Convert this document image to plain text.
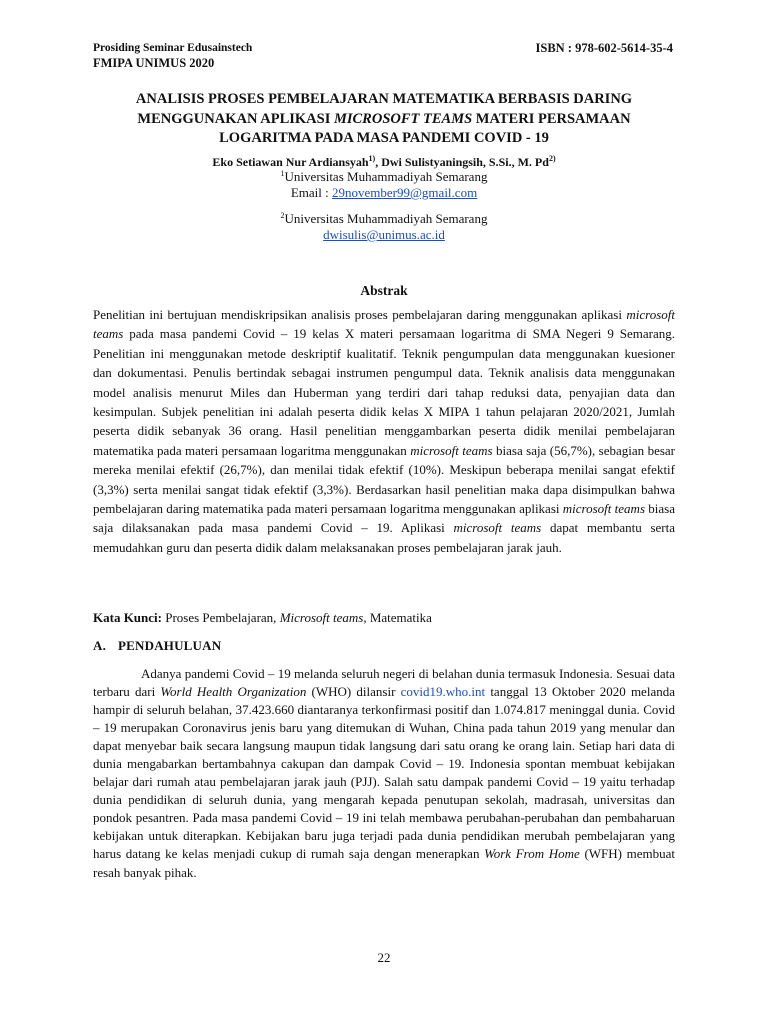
Prosiding Seminar Edusainstech
FMIPA UNIMUS 2020
ISBN : 978-602-5614-35-4
ANALISIS PROSES PEMBELAJARAN MATEMATIKA BERBASIS DARING MENGGUNAKAN APLIKASI MICROSOFT TEAMS MATERI PERSAMAAN LOGARITMA PADA MASA PANDEMI COVID - 19
Eko Setiawan Nur Ardiansyah$^{1)}$, Dwi Sulistyaningsih, S.Si., M. Pd$^{2)}$
$^1$Universitas Muhammadiyah Semarang
Email : 29november99@gmail.com
$^2$Universitas Muhammadiyah Semarang
dwisulis@unimus.ac.id
Abstrak

Penelitian ini bertujuan mendiskripsikan analisis proses pembelajaran daring menggunakan aplikasi microsoft teams pada masa pandemi Covid – 19 kelas X materi persamaan logaritma di SMA Negeri 9 Semarang. Penelitian ini menggunakan metode deskriptif kualitatif. Teknik pengumpulan data menggunakan kuesioner dan dokumentasi. Penulis bertindak sebagai instrumen pengumpul data. Teknik analisis data menggunakan model analisis menurut Miles dan Huberman yang terdiri dari tahap reduksi data, penyajian data dan kesimpulan. Subjek penelitian ini adalah peserta didik kelas X MIPA 1 tahun pelajaran 2020/2021, Jumlah peserta didik sebanyak 36 orang. Hasil penelitian menggambarkan peserta didik menilai pembelajaran matematika pada materi persamaan logaritma menggunakan microsoft teams biasa saja (56,7%), sebagian besar mereka menilai efektif (26,7%), dan menilai tidak efektif (10%). Meskipun beberapa menilai sangat efektif (3,3%) serta menilai sangat tidak efektif (3,3%). Berdasarkan hasil penelitian maka dapa disimpulkan bahwa pembelajaran daring matematika pada materi persamaan logaritma menggunakan aplikasi microsoft teams biasa saja dilaksanakan pada masa pandemi Covid – 19. Aplikasi microsoft teams dapat membantu serta memudahkan guru dan peserta didik dalam melaksanakan proses pembelajaran jarak jauh.

Kata Kunci: Proses Pembelajaran, Microsoft teams, Matematika
A. PENDAHULUAN

Adanya pandemi Covid – 19 melanda seluruh negeri di belahan dunia termasuk Indonesia. Sesuai data terbaru dari World Health Organization (WHO) dilansir covid19.who.int tanggal 13 Oktober 2020 melanda hampir di seluruh belahan, 37.423.660 diantaranya terkonfirmasi positif dan 1.074.817 meninggal dunia. Covid – 19 merupakan Coronavirus jenis baru yang ditemukan di Wuhan, China pada tahun 2019 yang menular dan dapat menyebar baik secara langsung maupun tidak langsung dari satu orang ke orang lain. Setiap hari data di dunia mengabarkan bertambahnya cakupan dan dampak Covid – 19. Indonesia spontan membuat kebijakan belajar dari rumah atau pembelajaran jarak jauh (PJJ). Salah satu dampak pandemi Covid – 19 yaitu terhadap dunia pendidikan di seluruh dunia, yang mengarah kepada penutupan sekolah, madrasah, universitas dan pondok pesantren. Pada masa pandemi Covid – 19 ini telah membawa perubahan-perubahan dan pembaharuan kebijakan untuk diterapkan. Kebijakan baru juga terjadi pada dunia pendidikan merubah pembelajaran yang harus datang ke kelas menjadi cukup di rumah saja dengan menerapkan Work From Home (WFH) membuat resah banyak pihak.

22
